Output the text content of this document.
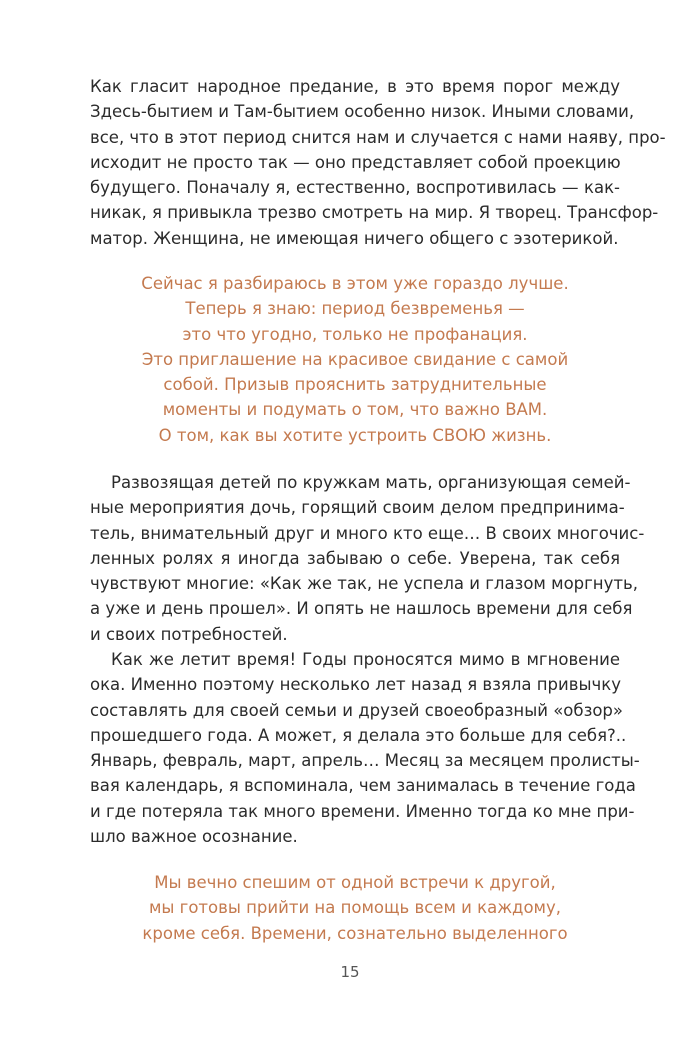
Как гласит народное предание, в это время порог между
Здесь-бытием и Там-бытием особенно низок. Иными словами,
все, что в этот период снится нам и случается с нами наяву, про-
исходит не просто так — оно представляет собой проекцию
будущего. Поначалу я, естественно, воспротивилась — как-
никак, я привыкла трезво смотреть на мир. Я творец. Трансфор-
матор. Женщина, не имеющая ничего общего с эзотерикой.
Сейчас я разбираюсь в этом уже гораздо лучше.
Теперь я знаю: период безвременья —
это что угодно, только не профанация.
Это приглашение на красивое свидание с самой
собой. Призыв прояснить затруднительные
моменты и подумать о том, что важно ВАМ.
О том, как вы хотите устроить СВОЮ жизнь.
Развозящая детей по кружкам мать, организующая семей-
ные мероприятия дочь, горящий своим делом предпринима-
тель, внимательный друг и много кто еще… В своих многочис-
ленных ролях я иногда забываю о себе. Уверена, так себя
чувствуют многие: «Как же так, не успела и глазом моргнуть,
а уже и день прошел». И опять не нашлось времени для себя
и своих потребностей.
Как же летит время! Годы проносятся мимо в мгновение
ока. Именно поэтому несколько лет назад я взяла привычку
составлять для своей семьи и друзей своеобразный «обзор»
прошедшего года. А может, я делала это больше для себя?..
Январь, февраль, март, апрель… Месяц за месяцем пролисты-
вая календарь, я вспоминала, чем занималась в течение года
и где потеряла так много времени. Именно тогда ко мне при-
шло важное осознание.
Мы вечно спешим от одной встречи к другой,
мы готовы прийти на помощь всем и каждому,
кроме себя. Времени, сознательно выделенного
15
